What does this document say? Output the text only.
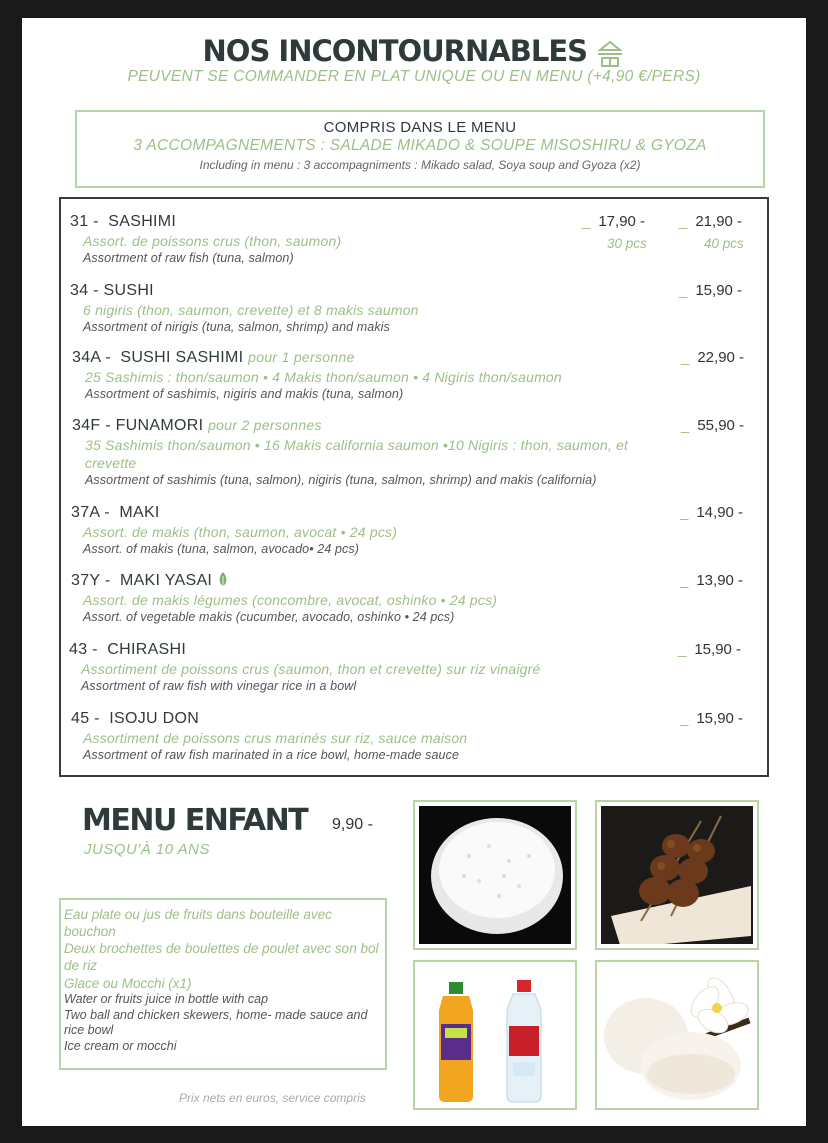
NOS INCONTOURNABLES
PEUVENT SE COMMANDER EN PLAT UNIQUE OU EN MENU (+4,90 €/PERS)
COMPRIS DANS LE MENU
3 ACCOMPAGNEMENTS : SALADE MIKADO & SOUPE MISOSHIRU & GYOZA
Including in menu : 3 accompagniments : Mikado salad, Soya soup and Gyoza (x2)
31 - SASHIMI
Assort. de poissons crus (thon, saumon)
Assortment of raw fish (tuna, salmon)
_ 17,90 -
30 pcs
_ 21,90 -
40 pcs
34 - SUSHI
6 nigiris (thon, saumon, crevette) et 8 makis saumon
Assortment of nirigis (tuna, salmon, shrimp) and makis
_ 15,90 -
34A - SUSHI SASHIMI pour 1 personne
25 Sashimis : thon/saumon • 4 Makis thon/saumon • 4 Nigiris thon/saumon
Assortment of sashimis, nigiris and makis (tuna, salmon)
_ 22,90 -
34F - FUNAMORI pour 2 personnes
35 Sashimis thon/saumon • 16 Makis california saumon •10 Nigiris : thon, saumon, et crevette
Assortment of sashimis (tuna, salmon), nigiris (tuna, salmon, shrimp) and makis (california)
_ 55,90 -
37A - MAKI
Assort. de makis (thon, saumon, avocat • 24 pcs)
Assort. of makis (tuna, salmon, avocado• 24 pcs)
_ 14,90 -
37Y - MAKI YASAI
Assort. de makis légumes (concombre, avocat, oshinko • 24 pcs)
Assort. of vegetable makis (cucumber, avocado, oshinko • 24 pcs)
_ 13,90 -
43 - CHIRASHI
Assortiment de poissons crus (saumon, thon et crevette) sur riz vinaigré
Assortment of raw fish with vinegar rice in a bowl
_ 15,90 -
45 - ISOJU DON
Assortiment de poissons crus marinés sur riz, sauce maison
Assortment of raw fish marinated in a rice bowl, home-made sauce
_ 15,90 -
MENU ENFANT 9,90 -
JUSQU'À 10 ANS
Eau plate ou jus de fruits dans bouteille avec bouchon
Deux brochettes de boulettes de poulet avec son bol de riz
Glace ou Mocchi (x1)
Water or fruits juice in bottle with cap
Two ball and chicken skewers, home- made sauce and rice bowl
Ice cream or mocchi
Prix nets en euros, service compris
